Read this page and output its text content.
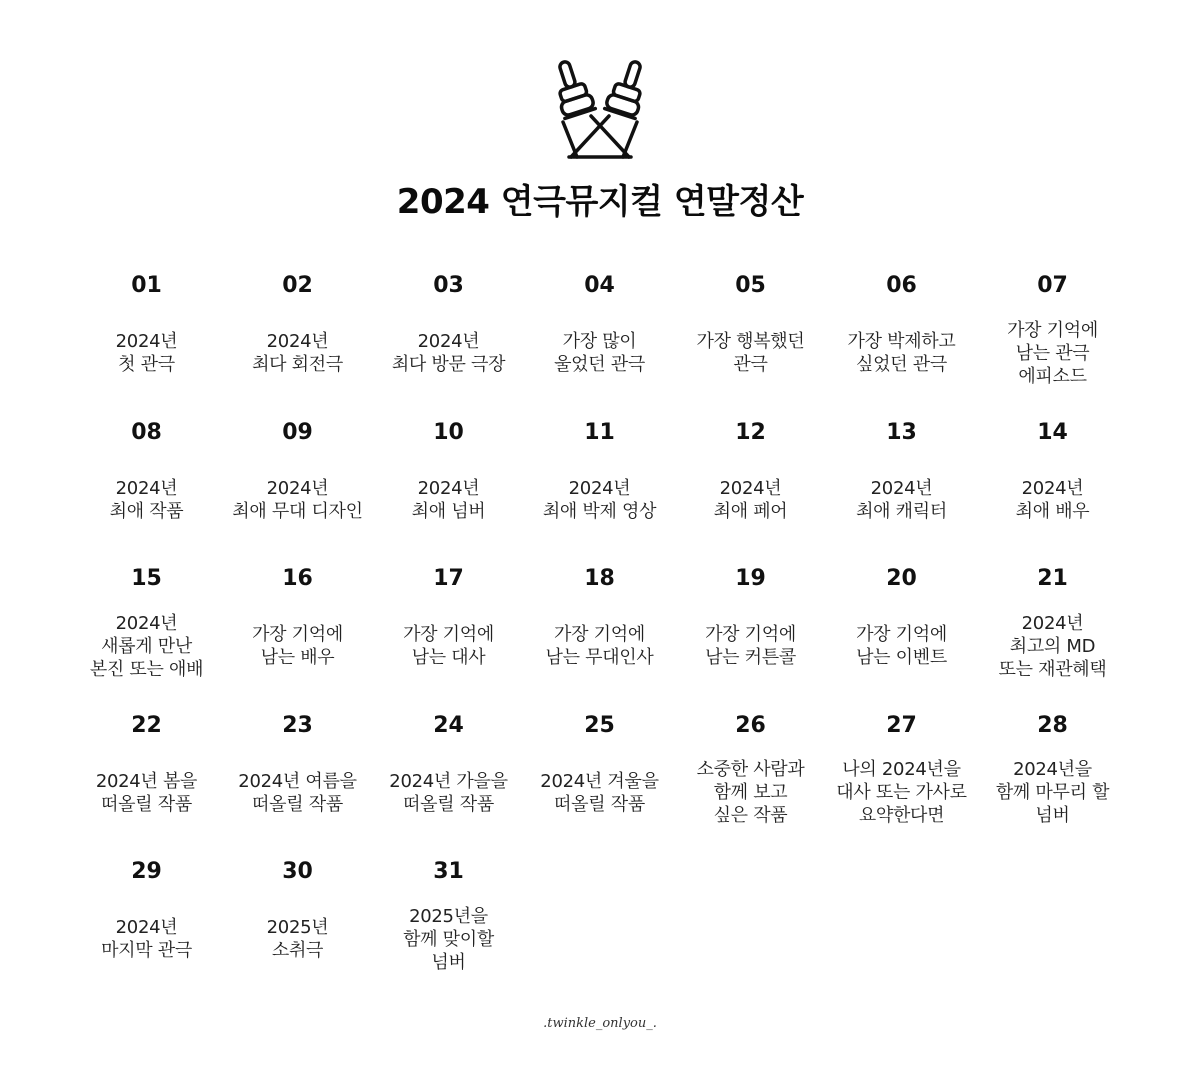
2024 연극뮤지컬 연말정산
01
2024년
첫 관극
02
2024년
최다 회전극
03
2024년
최다 방문 극장
04
가장 많이
울었던 관극
05
가장 행복했던
관극
06
가장 박제하고
싶었던 관극
07
가장 기억에
남는 관극
에피소드
08
2024년
최애 작품
09
2024년
최애 무대 디자인
10
2024년
최애 넘버
11
2024년
최애 박제 영상
12
2024년
최애 페어
13
2024년
최애 캐릭터
14
2024년
최애 배우
15
2024년
새롭게 만난
본진 또는 애배
16
가장 기억에
남는 배우
17
가장 기억에
남는 대사
18
가장 기억에
남는 무대인사
19
가장 기억에
남는 커튼콜
20
가장 기억에
남는 이벤트
21
2024년
최고의 MD
또는 재관혜택
22
2024년 봄을
떠올릴 작품
23
2024년 여름을
떠올릴 작품
24
2024년 가을을
떠올릴 작품
25
2024년 겨울을
떠올릴 작품
26
소중한 사람과
함께 보고
싶은 작품
27
나의 2024년을
대사 또는 가사로
요약한다면
28
2024년을
함께 마무리 할
넘버
29
2024년
마지막 관극
30
2025년
소취극
31
2025년을
함께 맞이할
넘버
.twinkle_onlyou_.
